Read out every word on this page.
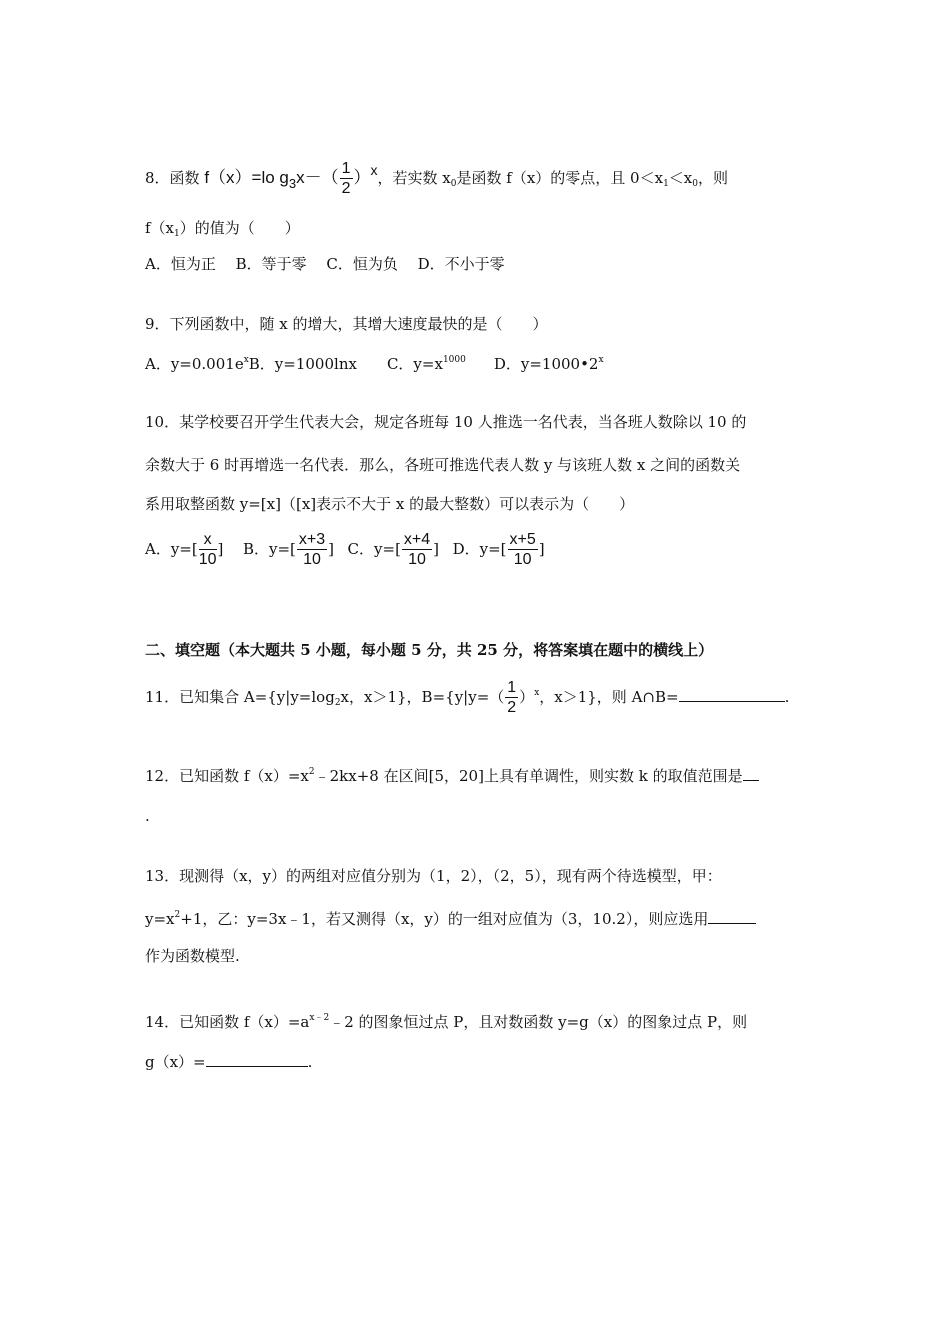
8．函数 f（x）=lo $g3x-( \frac{1}{2} )x$，若实数 $x_0$是函数 f（x）的零点，且 $0<x_1<x_0$，则
$f(x_1)$的值为（　　）
A．恒为正　 B．等于零　 C．恒为负　 D．不小于零
9．下列函数中，随 x 的增大，其增大速度最快的是（　　）
A．$y=0.001e^xB$．y=1000lnx C．$y=x^{1000}$ D．$y=1000•2^x$
10．某学校要召开学生代表大会，规定各班每 10 人推选一名代表，当各班人数除以 10 的
余数大于 6 时再增选一名代表．那么，各班可推选代表人数 y 与该班人数 x 之间的函数关
系用取整函数 y=[x]（[x]表示不大于 x 的最大整数）可以表示为（　　）
A．$y=[ \frac{x}{10}$ ] B．$y=[ \frac{x+3}{10}$ ] C．$y=[ \frac{x+4}{10}$ ] D．$y=[ \frac{x+5}{10}$ ]
二、填空题（本大题共 5 小题，每小题 5 分，共 25 分，将答案填在题中的横线上）
11．已知集合 $A=\{y|y=\log_2x$，x＞1}，$B=\{y|y=( \frac{1}{2} )^x$，x＞1}，则 A∩B=	.
12．已知函数 $f(x)=x^2﹣2kx+8$ 在区间[5，20]上具有单调性，则实数 k 的取值范围是
.
13．现测得（x，y）的两组对应值分别为（1，2），（2，5），现有两个待选模型，甲：
$y=x^2+1$，乙：y=3x﹣1，若又测得（x，y）的一组对应值为（3，10.2），则应选用
作为函数模型.
14．已知函数 $f(x)=a^{x﹣2}﹣2$ 的图象恒过点 P，且对数函数 y=g（x）的图象过点 P，则
g（x）=	.
